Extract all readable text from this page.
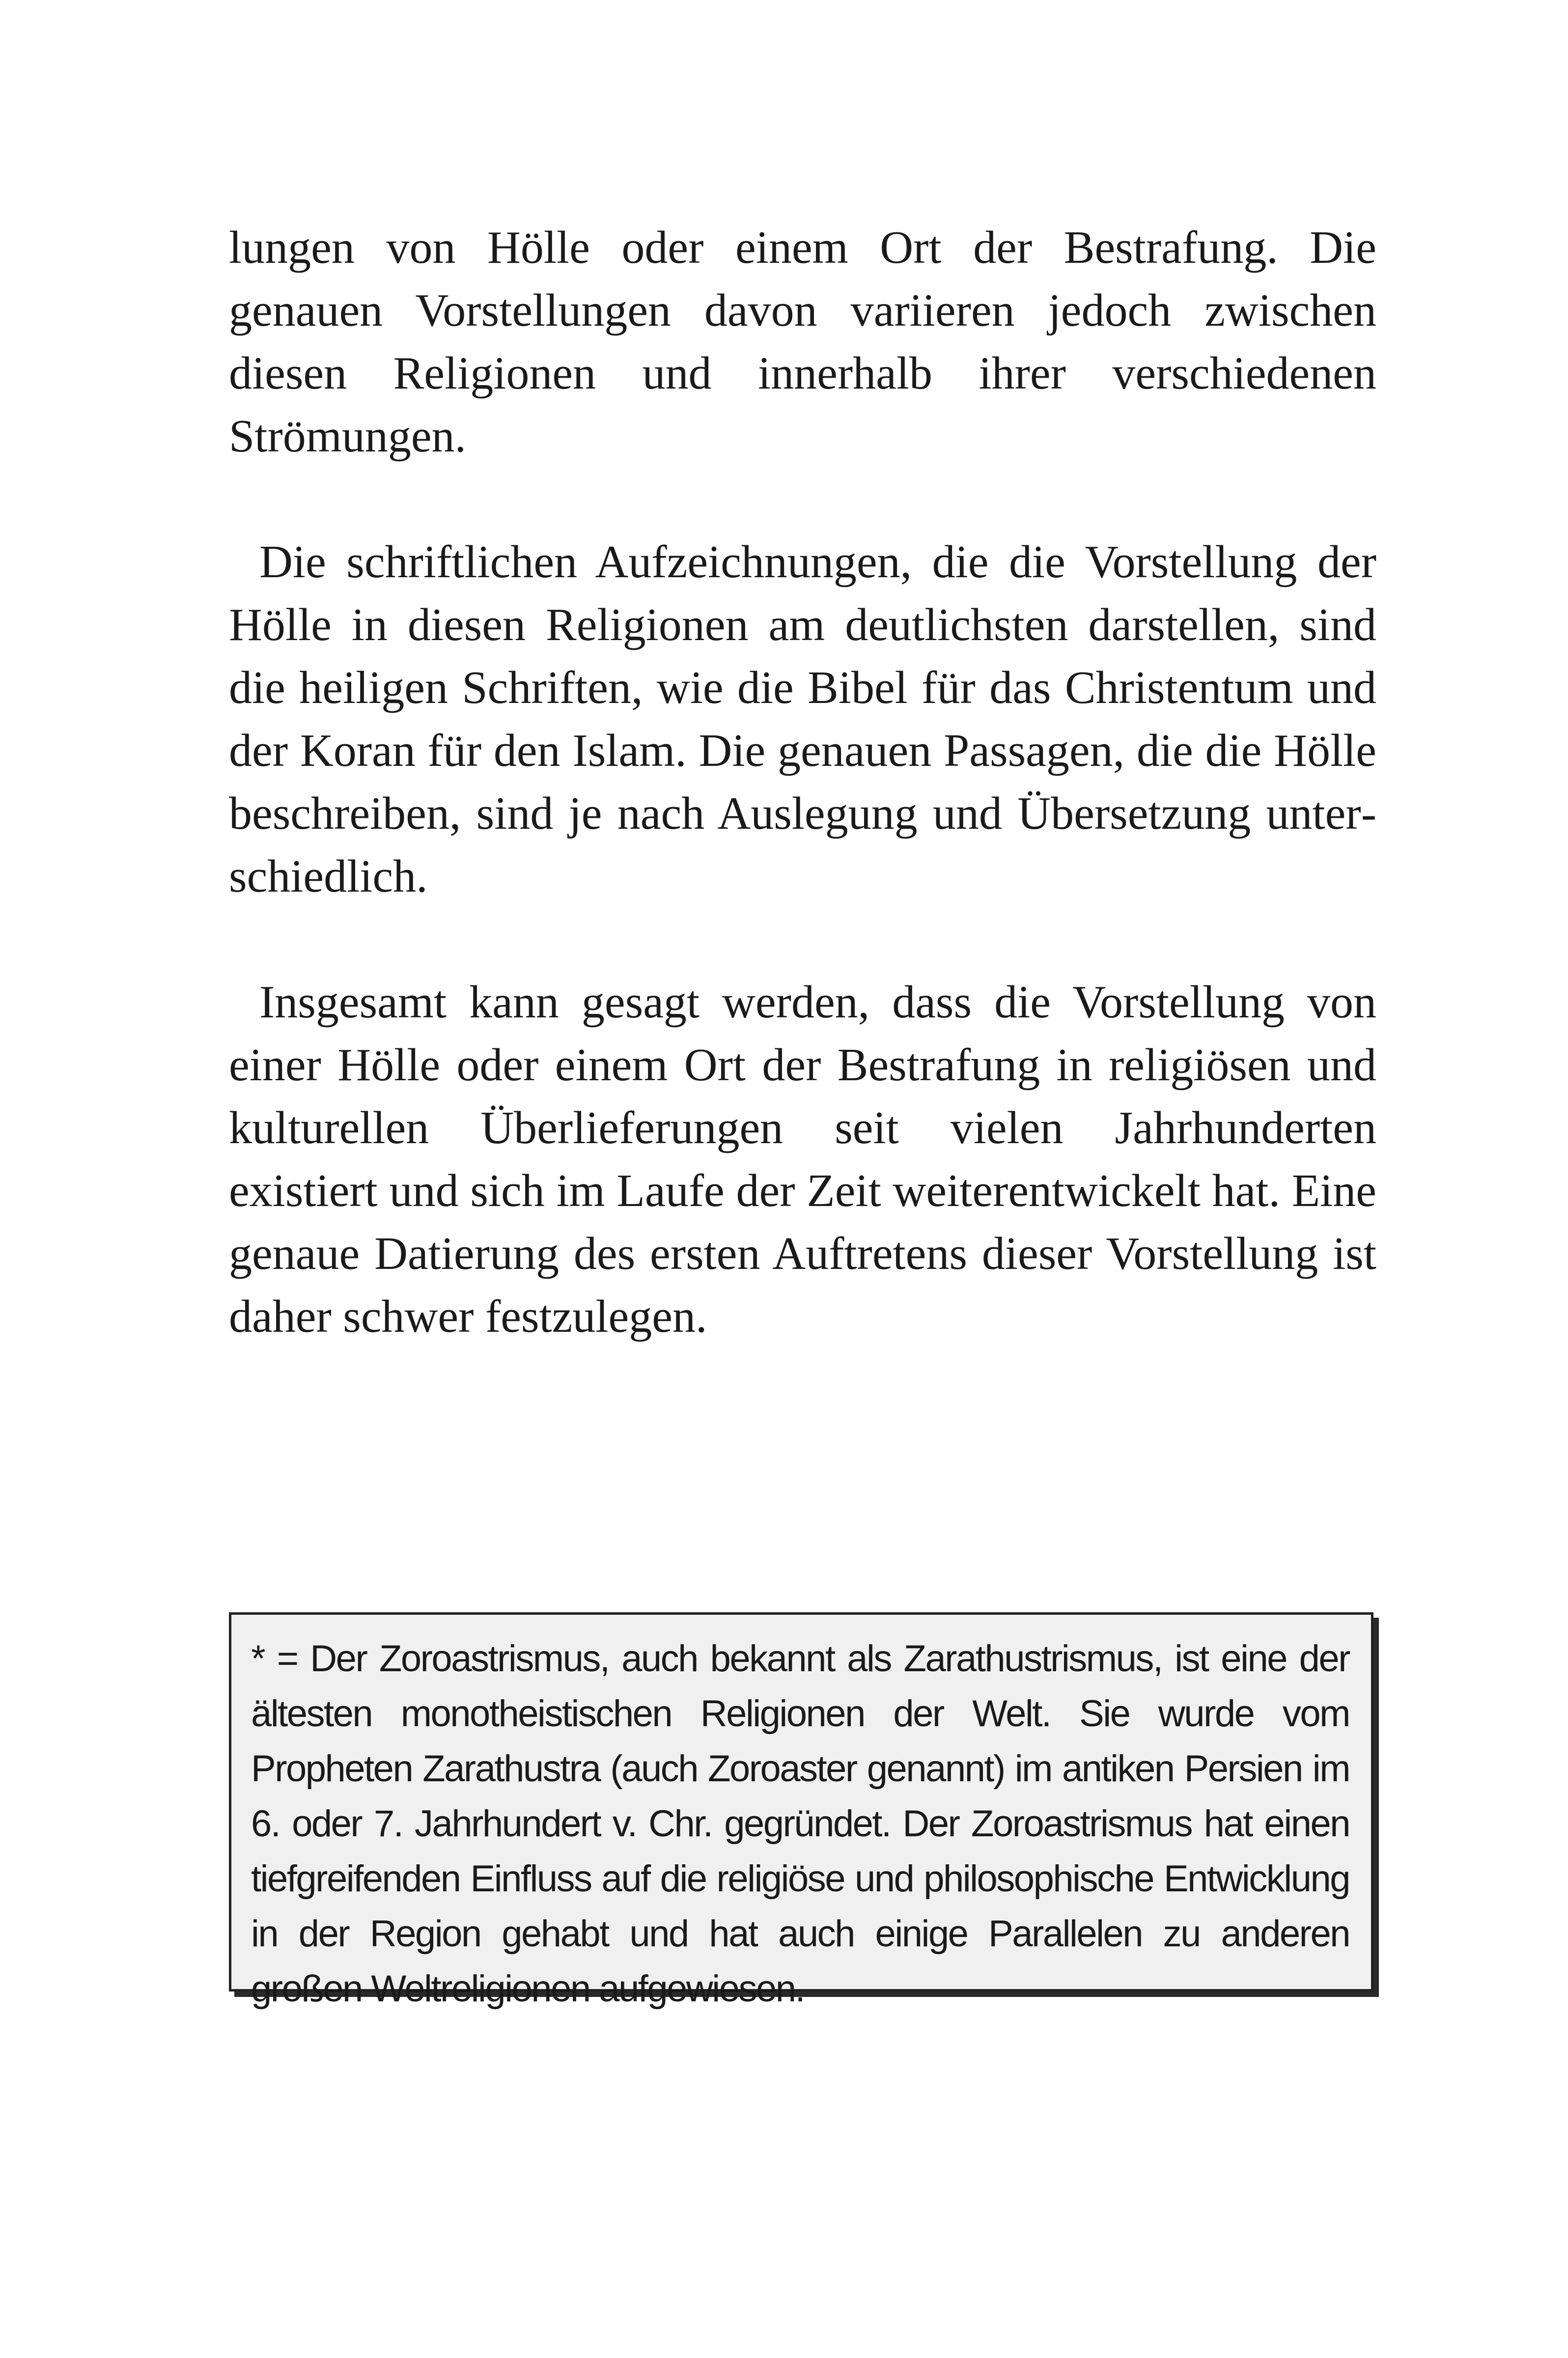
lungen von Hölle oder einem Ort der Bestrafung. Die genauen Vorstellungen davon variieren jedoch zwischen diesen Religionen und innerhalb ihrer verschiedenen Strömungen.

Die schriftlichen Aufzeichnungen, die die Vorstellung der Hölle in diesen Religionen am deutlichsten darstellen, sind die heiligen Schriften, wie die Bibel für das Christentum und der Koran für den Islam. Die genauen Passagen, die die Hölle beschreiben, sind je nach Auslegung und Übersetzung unterschiedlich.

Insgesamt kann gesagt werden, dass die Vorstellung von einer Hölle oder einem Ort der Bestrafung in religiösen und kulturellen Überlieferungen seit vielen Jahrhunderten existiert und sich im Laufe der Zeit weiterentwickelt hat. Eine genaue Datierung des ersten Auftretens dieser Vorstellung ist daher schwer festzulegen.

* = Der Zoroastrismus, auch bekannt als Zarathustrismus, ist eine der ältesten monotheistischen Religionen der Welt. Sie wurde vom Propheten Zarathustra (auch Zoroaster genannt) im antiken Persien im 6. oder 7. Jahrhundert v. Chr. gegründet. Der Zoroastrismus hat einen tiefgreifenden Einfluss auf die religiöse und philosophische Entwicklung in der Region gehabt und hat auch einige Parallelen zu anderen großen Weltreligionen aufgewiesen.
